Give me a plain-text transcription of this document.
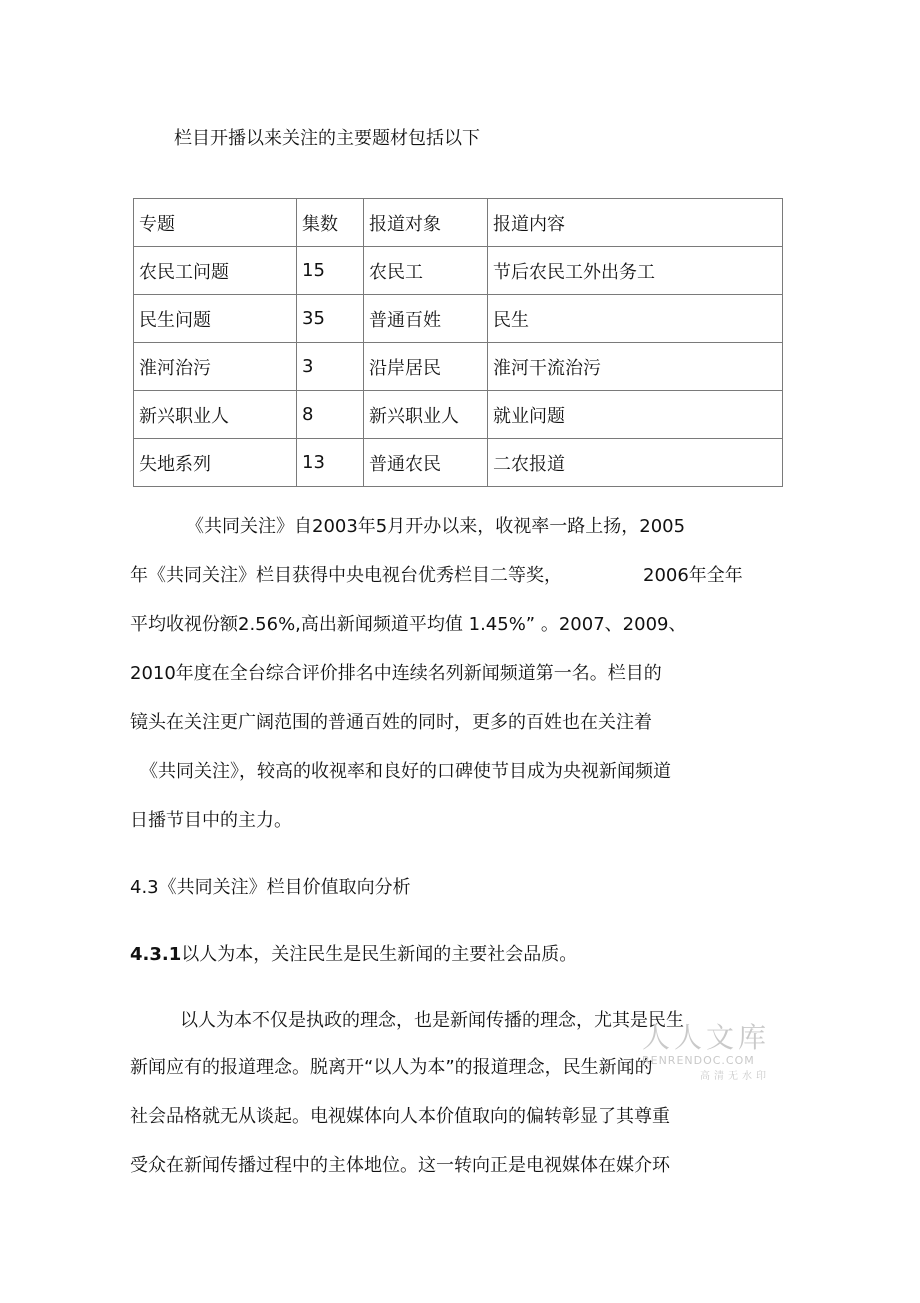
栏目开播以来关注的主要题材包括以下
专题	集数	报道对象	报道内容
农民工问题	15	农民工	节后农民工外出务工
民生问题	35	普通百姓	民生
淮河治污	3	沿岸居民	淮河干流治污
新兴职业人	8	新兴职业人	就业问题
失地系列	13	普通农民	二农报道
《共同关注》自2003年5月开办以来，收视率一路上扬，2005
年《共同关注》栏目获得中央电视台优秀栏目二等奖，	2006年全年
平均收视份额2.56%,高出新闻频道平均值 1.45%” 。2007、2009、
2010年度在全台综合评价排名中连续名列新闻频道第一名。栏目的
镜头在关注更广阔范围的普通百姓的同时，更多的百姓也在关注着
《共同关注》，较高的收视率和良好的口碑使节目成为央视新闻频道
日播节目中的主力。
4.3《共同关注》栏目价值取向分析
4.3.1以人为本，关注民生是民生新闻的主要社会品质。
以人为本不仅是执政的理念，也是新闻传播的理念，尤其是民生
新闻应有的报道理念。脱离开“以人为本”的报道理念，民生新闻的
社会品格就无从谈起。电视媒体向人本价值取向的偏转彰显了其尊重
受众在新闻传播过程中的主体地位。这一转向正是电视媒体在媒介环
人人文库
RENRENDOC.COM
高清无水印
